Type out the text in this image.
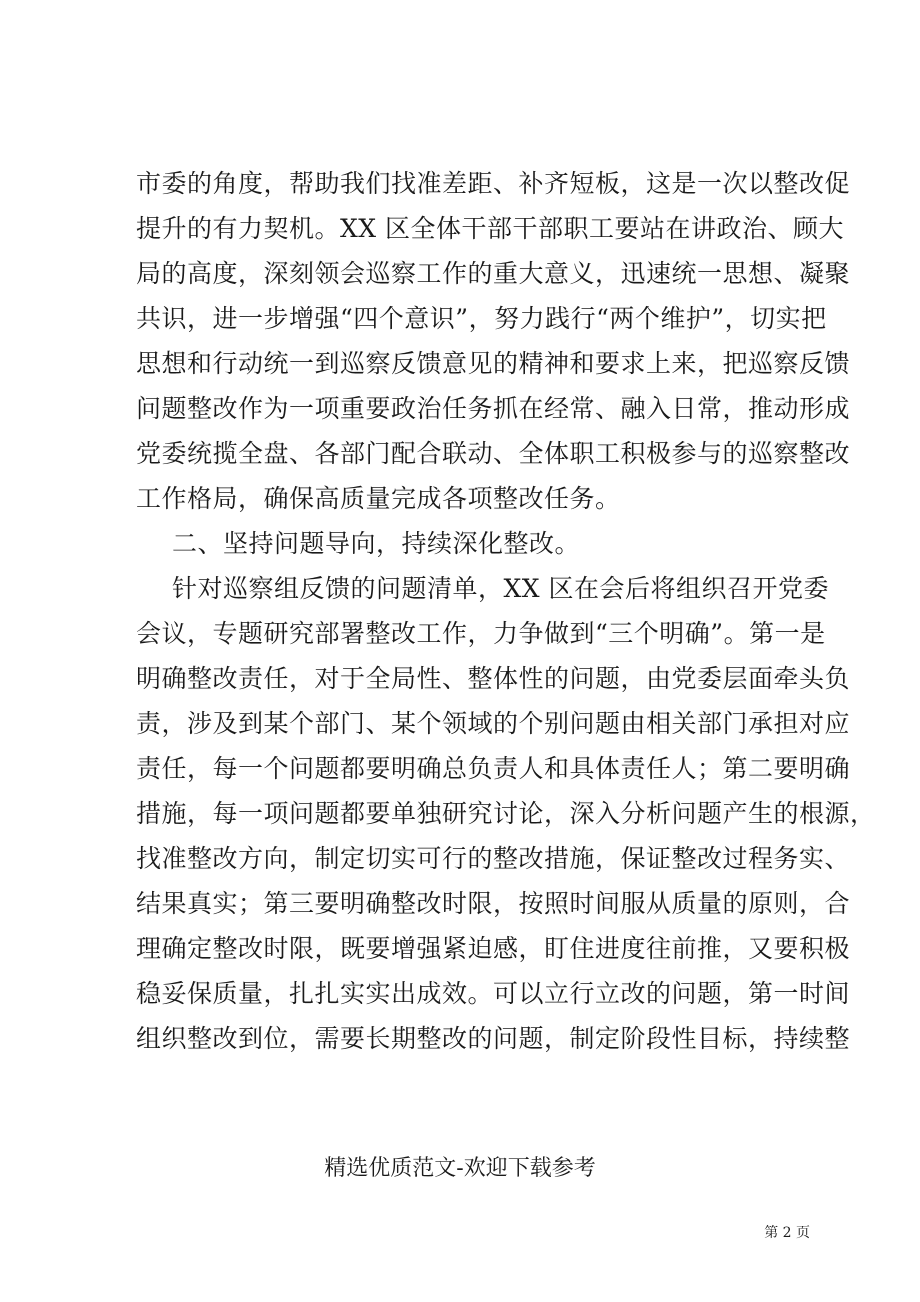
市委的角度，帮助我们找准差距、补齐短板，这是一次以整改促
提升的有力契机。XX 区全体干部干部职工要站在讲政治、顾大
局的高度，深刻领会巡察工作的重大意义，迅速统一思想、凝聚
共识，进一步增强“四个意识”，努力践行“两个维护”，切实把
思想和行动统一到巡察反馈意见的精神和要求上来，把巡察反馈
问题整改作为一项重要政治任务抓在经常、融入日常，推动形成
党委统揽全盘、各部门配合联动、全体职工积极参与的巡察整改
工作格局，确保高质量完成各项整改任务。
二、坚持问题导向，持续深化整改。
针对巡察组反馈的问题清单，XX 区在会后将组织召开党委
会议，专题研究部署整改工作，力争做到“三个明确”。第一是
明确整改责任，对于全局性、整体性的问题，由党委层面牵头负
责，涉及到某个部门、某个领域的个别问题由相关部门承担对应
责任，每一个问题都要明确总负责人和具体责任人；第二要明确
措施，每一项问题都要单独研究讨论，深入分析问题产生的根源，
找准整改方向，制定切实可行的整改措施，保证整改过程务实、
结果真实；第三要明确整改时限，按照时间服从质量的原则，合
理确定整改时限，既要增强紧迫感，盯住进度往前推，又要积极
稳妥保质量，扎扎实实出成效。可以立行立改的问题，第一时间
组织整改到位，需要长期整改的问题，制定阶段性目标，持续整
精选优质范文-欢迎下载参考
第 2 页
